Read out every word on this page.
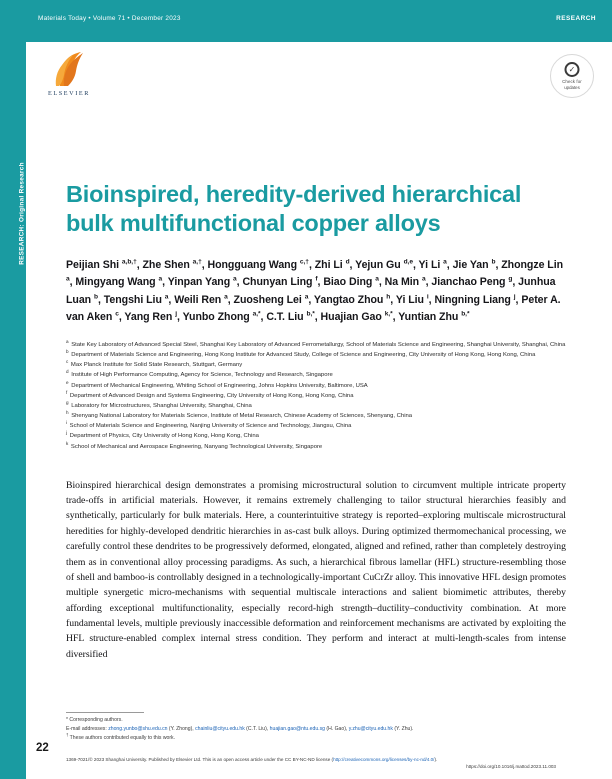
RESEARCH: Original Research
Materials Today • Volume 71 • December 2023	RESEARCH
ELSEVIER
✓
Check for
updates
Bioinspired, heredity-derived hierarchical bulk multifunctional copper alloys
Peijian Shi $^{a,b,\dagger}$, Zhe Shen $^{a,\dagger}$, Hongguang Wang $^{c,\dagger}$, Zhi Li $^d$, Yejun Gu $^{d,e}$, Yi Li $^a$, Jie Yan $^b$, Zhongze Lin $^a$, Mingyang Wang $^a$, Yinpan Yang $^a$, Chunyan Ling $^f$, Biao Ding $^a$, Na Min $^a$, Jianchao Peng $^g$, Junhua Luan $^b$, Tengshi Liu $^a$, Weili Ren $^a$, Zuosheng Lei $^a$, Yangtao Zhou $^h$, Yi Liu $^i$, Ningning Liang $^j$, Peter A. van Aken $^c$, Yang Ren $^j$, Yunbo Zhong $^{a,*}$, C.T. Liu $^{b,*}$, Huajian Gao $^{k,*}$, Yuntian Zhu $^{b,*}$
$^a$ State Key Laboratory of Advanced Special Steel, Shanghai Key Laboratory of Advanced Ferrometallurgy, School of Materials Science and Engineering, Shanghai University, Shanghai, China
$^b$ Department of Materials Science and Engineering, Hong Kong Institute for Advanced Study, College of Science and Engineering, City University of Hong Kong, Hong Kong, China
$^c$ Max Planck Institute for Solid State Research, Stuttgart, Germany
$^d$ Institute of High Performance Computing, Agency for Science, Technology and Research, Singapore
$^e$ Department of Mechanical Engineering, Whiting School of Engineering, Johns Hopkins University, Baltimore, USA
$^f$ Department of Advanced Design and Systems Engineering, City University of Hong Kong, Hong Kong, China
$^g$ Laboratory for Microstructures, Shanghai University, Shanghai, China
$^h$ Shenyang National Laboratory for Materials Science, Institute of Metal Research, Chinese Academy of Sciences, Shenyang, China
$^i$ School of Materials Science and Engineering, Nanjing University of Science and Technology, Jiangsu, China
$^j$ Department of Physics, City University of Hong Kong, Hong Kong, China
$^k$ School of Mechanical and Aerospace Engineering, Nanyang Technological University, Singapore
Bioinspired hierarchical design demonstrates a promising microstructural solution to circumvent multiple intricate property trade-offs in artificial materials. However, it remains extremely challenging to tailor structural hierarchies feasibly and synthetically, particularly for bulk materials. Here, a counterintuitive strategy is reported–exploring multiscale microstructural heredities for highly-developed dendritic hierarchies in as-cast bulk alloys. During optimized thermomechanical processing, we carefully control these dendrites to be progressively deformed, elongated, aligned and refined, rather than completely destroying them as in conventional alloy processing paradigms. As such, a hierarchical fibrous lamellar (HFL) structure-resembling those of shell and bamboo-is controllably designed in a technologically-important CuCrZr alloy. This innovative HFL design promotes multiple synergetic micro-mechanisms with sequential multiscale interactions and salient biomimetic attributes, thereby affording exceptional multifunctionality, especially record-high strength–ductility–conductivity combination. At more fundamental levels, multiple previously inaccessible deformation and reinforcement mechanisms are activated by exploiting the HFL structure-enabled complex internal stress condition. They perform and interact at multi-length-scales from intense diversified
* Corresponding authors.
E-mail addresses: zhong.yunbo@shu.edu.cn (Y. Zhong), chainliu@cityu.edu.hk (C.T. Liu), huajian.gao@ntu.edu.sg (H. Gao), y.zhu@cityu.edu.hk (Y. Zhu).
† These authors contributed equally to this work.
22
1369-7021/© 2023 Shanghai University. Published by Elsevier Ltd. This is an open access article under the CC BY-NC-ND license (http://creativecommons.org/licenses/by-nc-nd/4.0/).
https://doi.org/10.1016/j.mattod.2023.11.003
